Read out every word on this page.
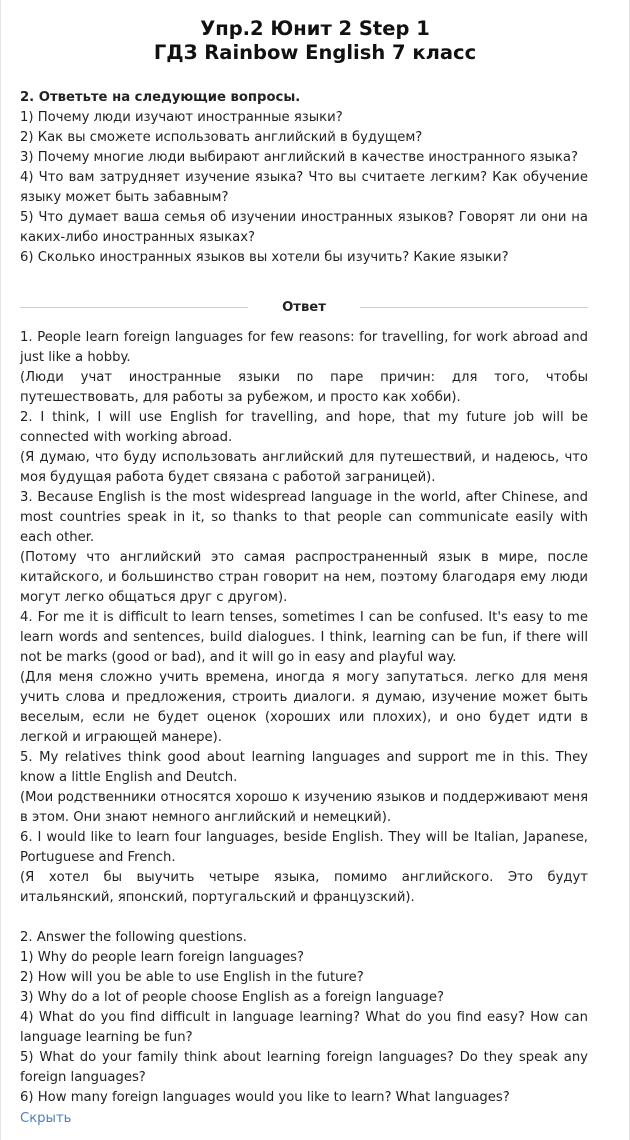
Упр.2 Юнит 2 Step 1
ГДЗ Rainbow English 7 класс

2. Ответьте на следующие вопросы.

1) Почему люди изучают иностранные языки?

2) Как вы сможете использовать английский в будущем?

3) Почему многие люди выбирают английский в качестве иностранного языка?

4) Что вам затрудняет изучение языка? Что вы считаете легким? Как обучение языку может быть забавным?

5) Что думает ваша семья об изучении иностранных языков? Говорят ли они на каких-либо иностранных языках?

6) Сколько иностранных языков вы хотели бы изучить? Какие языки?

Ответ

1. People learn foreign languages for few reasons: for travelling, for work abroad and just like a hobby.

(Люди учат иностранные языки по паре причин: для того, чтобы путешествовать, для работы за рубежом, и просто как хобби).

2. I think, I will use English for travelling, and hope, that my future job will be connected with working abroad.

(Я думаю, что буду использовать английский для путешествий, и надеюсь, что моя будущая работа будет связана с работой заграницей).

3. Because English is the most widespread language in the world, after Chinese, and most countries speak in it, so thanks to that people can communicate easily with each other.

(Потому что английский это самая распространенный язык в мире, после китайского, и большинство стран говорит на нем, поэтому благодаря ему люди могут легко общаться друг с другом).

4. For me it is difficult to learn tenses, sometimes I can be confused. It's easy to me learn words and sentences, build dialogues. I think, learning can be fun, if there will not be marks (good or bad), and it will go in easy and playful way.

(Для меня сложно учить времена, иногда я могу запутаться. легко для меня учить слова и предложения, строить диалоги. я думаю, изучение может быть веселым, если не будет оценок (хороших или плохих), и оно будет идти в легкой и играющей манере).

5. My relatives think good about learning languages and support me in this. They know a little English and Deutch.

(Мои родственники относятся хорошо к изучению языков и поддерживают меня в этом. Они знают немного английский и немецкий).

6. I would like to learn four languages, beside English. They will be Italian, Japanese, Portuguese and French.

(Я хотел бы выучить четыре языка, помимо английского. Это будут итальянский, японский, португальский и французский).

2. Answer the following questions.

1) Why do people learn foreign languages?

2) How will you be able to use English in the future?

3) Why do a lot of people choose English as a foreign language?

4) What do you find difficult in language learning? What do you find easy? How can language learning be fun?

5) What do your family think about learning foreign languages? Do they speak any foreign languages?

6) How many foreign languages would you like to learn? What languages?

Скрыть
